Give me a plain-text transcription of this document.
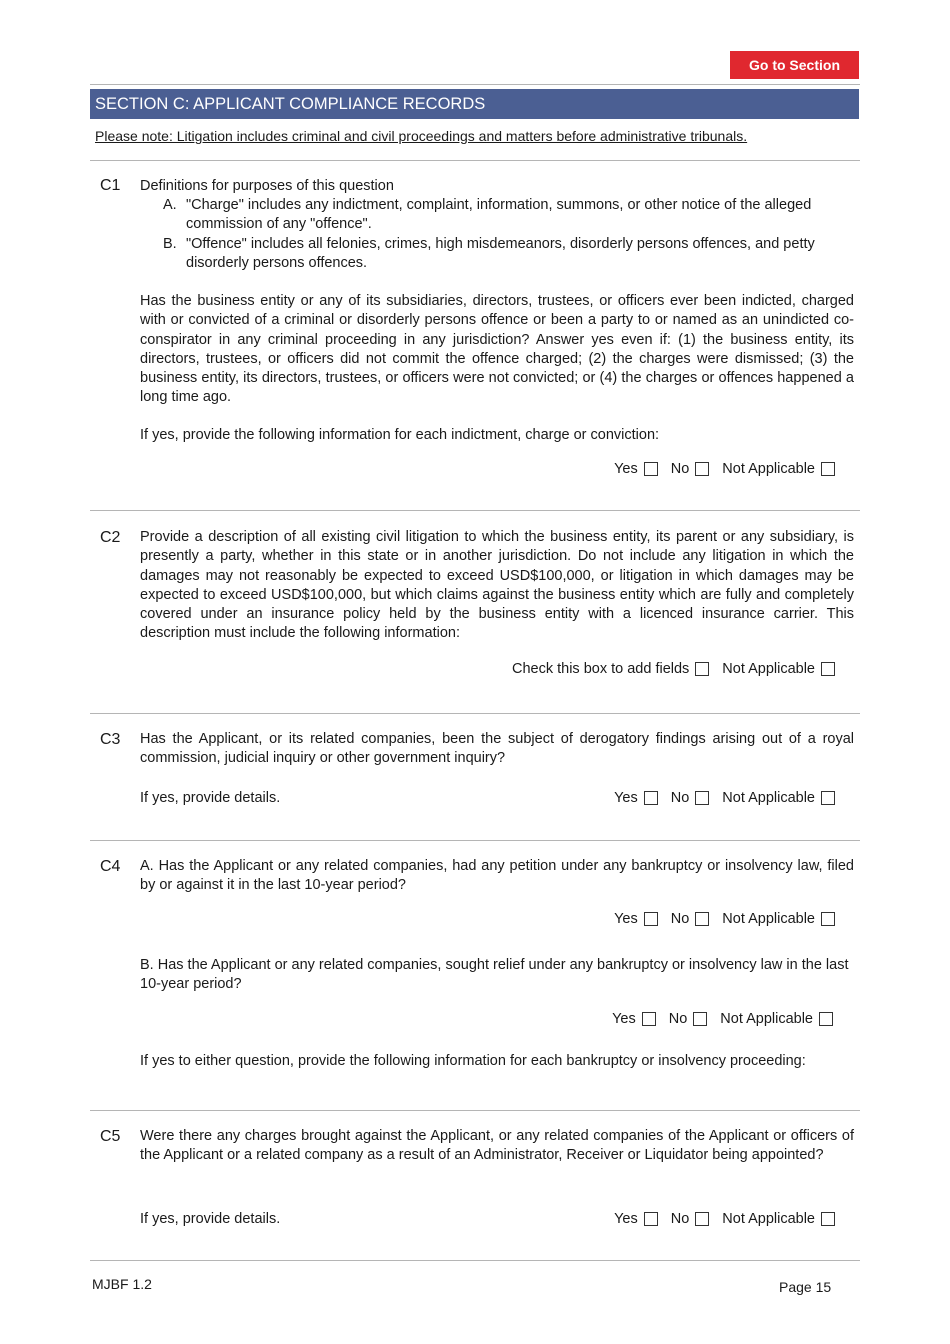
Go to Section
SECTION C: APPLICANT COMPLIANCE RECORDS
Please note: Litigation includes criminal and civil proceedings and matters before administrative tribunals.
C1 Definitions for purposes of this question
A. "Charge" includes any indictment, complaint, information, summons, or other notice of the alleged
commission of any "offence".
B. "Offence" includes all felonies, crimes, high misdemeanors, disorderly persons offences, and petty
disorderly persons offences.
Has the business entity or any of its subsidiaries, directors, trustees, or officers ever been indicted, charged with or convicted of a criminal or disorderly persons offence or been a party to or named as an unindicted co-conspirator in any criminal proceeding in any jurisdiction? Answer yes even if: (1) the business entity, its directors, trustees, or officers did not commit the offence charged; (2) the charges were dismissed; (3) the business entity, its directors, trustees, or officers were not convicted; or (4) the charges or offences happened a long time ago.
If yes, provide the following information for each indictment, charge or conviction:
Yes No Not Applicable
C2 Provide a description of all existing civil litigation to which the business entity, its parent or any subsidiary, is presently a party, whether in this state or in another jurisdiction. Do not include any litigation in which the damages may not reasonably be expected to exceed USD$100,000, or litigation in which damages may be expected to exceed USD$100,000, but which claims against the business entity which are fully and completely covered under an insurance policy held by the business entity with a licenced insurance carrier. This description must include the following information:
Check this box to add fields Not Applicable
C3 Has the Applicant, or its related companies, been the subject of derogatory findings arising out of a royal commission, judicial inquiry or other government inquiry?
If yes, provide details.	Yes No Not Applicable
C4 A. Has the Applicant or any related companies, had any petition under any bankruptcy or insolvency law, filed by or against it in the last 10-year period?
Yes No Not Applicable
B. Has the Applicant or any related companies, sought relief under any bankruptcy or insolvency law in the last 10-year period?
Yes No Not Applicable
If yes to either question, provide the following information for each bankruptcy or insolvency proceeding:
C5 Were there any charges brought against the Applicant, or any related companies of the Applicant or officers of the Applicant or a related company as a result of an Administrator, Receiver or Liquidator being appointed?
If yes, provide details.	Yes No Not Applicable
MJBF 1.2	Page 15
